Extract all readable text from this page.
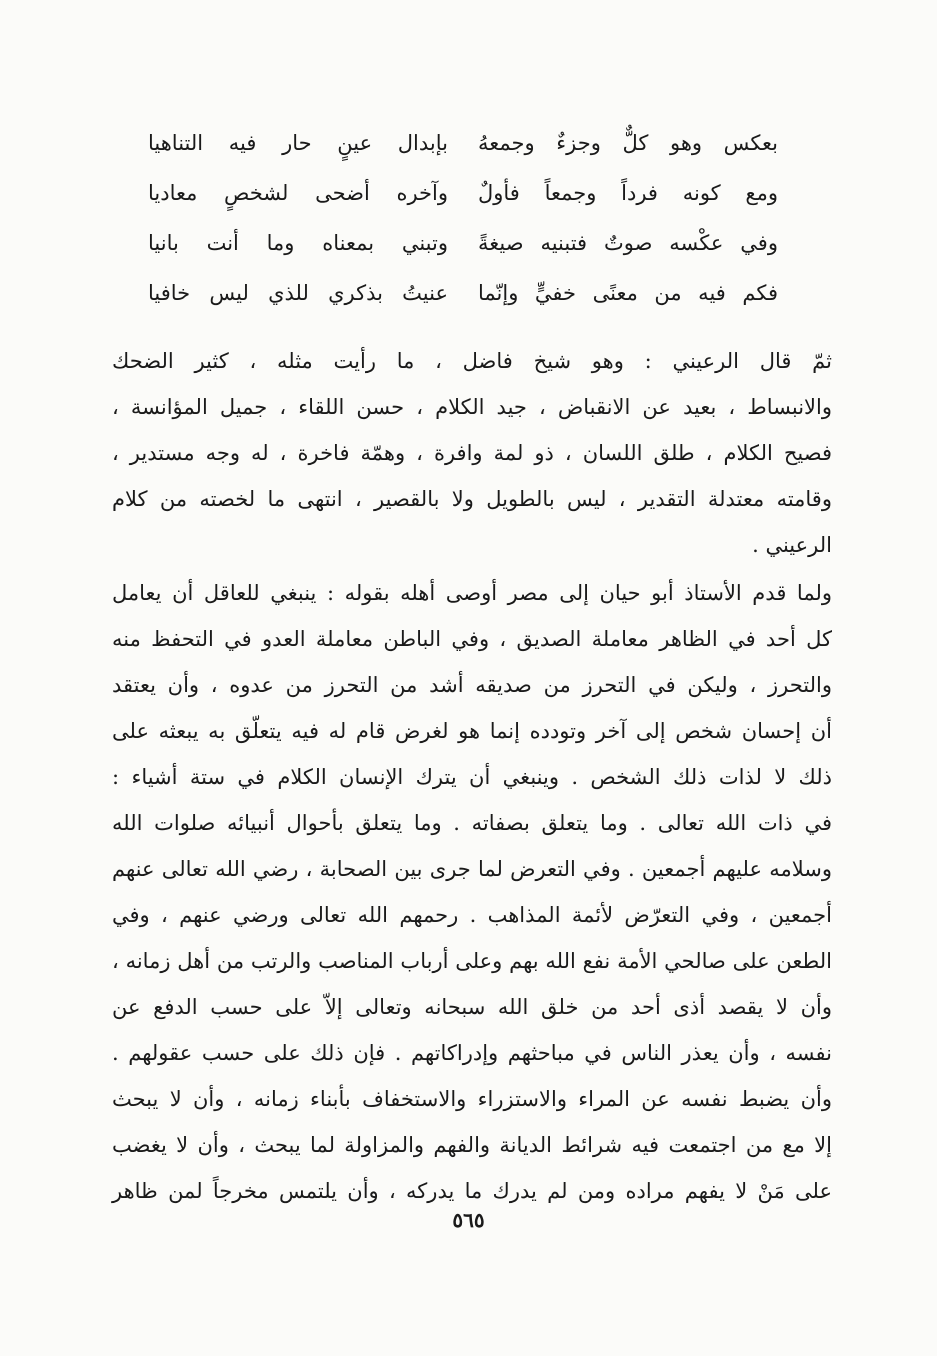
بعكس وهو كلٌّ وجزءٌ وجمعهُ
بإبدال عينٍ حار فيه التناهيا
ومع كونه فرداً وجمعاً فأولٌ
وآخره أضحى لشخصٍ معاديا
وفي عكْسه صوتٌ فتبنيه صيغةً
وتبني بمعناه وما أنت بانيا
فكم فيه من معنًى خفيٍّ وإنّما
عنيتُ بذكري للذي ليس خافيا
ثمّ قال الرعيني : وهو شيخ فاضل ، ما رأيت مثله ، كثير الضحك
والانبساط ، بعيد عن الانقباض ، جيد الكلام ، حسن اللقاء ، جميل المؤانسة ،
فصيح الكلام ، طلق اللسان ، ذو لمة وافرة ، وهمّة فاخرة ، له وجه مستدير ،
وقامته معتدلة التقدير ، ليس بالطويل ولا بالقصير ، انتهى ما لخصته من كلام
الرعيني .
ولما قدم الأستاذ أبو حيان إلى مصر أوصى أهله بقوله : ينبغي للعاقل أن يعامل
كل أحد في الظاهر معاملة الصديق ، وفي الباطن معاملة العدو في التحفظ منه
والتحرز ، وليكن في التحرز من صديقه أشد من التحرز من عدوه ، وأن يعتقد
أن إحسان شخص إلى آخر وتودده إنما هو لغرض قام له فيه يتعلّق به يبعثه على
ذلك لا لذات ذلك الشخص . وينبغي أن يترك الإنسان الكلام في ستة أشياء :
في ذات الله تعالى . وما يتعلق بصفاته . وما يتعلق بأحوال أنبيائه صلوات الله
وسلامه عليهم أجمعين . وفي التعرض لما جرى بين الصحابة ، رضي الله تعالى عنهم
أجمعين ، وفي التعرّض لأئمة المذاهب . رحمهم الله تعالى ورضي عنهم ، وفي
الطعن على صالحي الأمة نفع الله بهم وعلى أرباب المناصب والرتب من أهل زمانه ،
وأن لا يقصد أذى أحد من خلق الله سبحانه وتعالى إلاّ على حسب الدفع عن
نفسه ، وأن يعذر الناس في مباحثهم وإدراكاتهم . فإن ذلك على حسب عقولهم .
وأن يضبط نفسه عن المراء والاستزراء والاستخفاف بأبناء زمانه ، وأن لا يبحث
إلا مع من اجتمعت فيه شرائط الديانة والفهم والمزاولة لما يبحث ، وأن لا يغضب
على مَنْ لا يفهم مراده ومن لم يدرك ما يدركه ، وأن يلتمس مخرجاً لمن ظاهر
٥٦٥
